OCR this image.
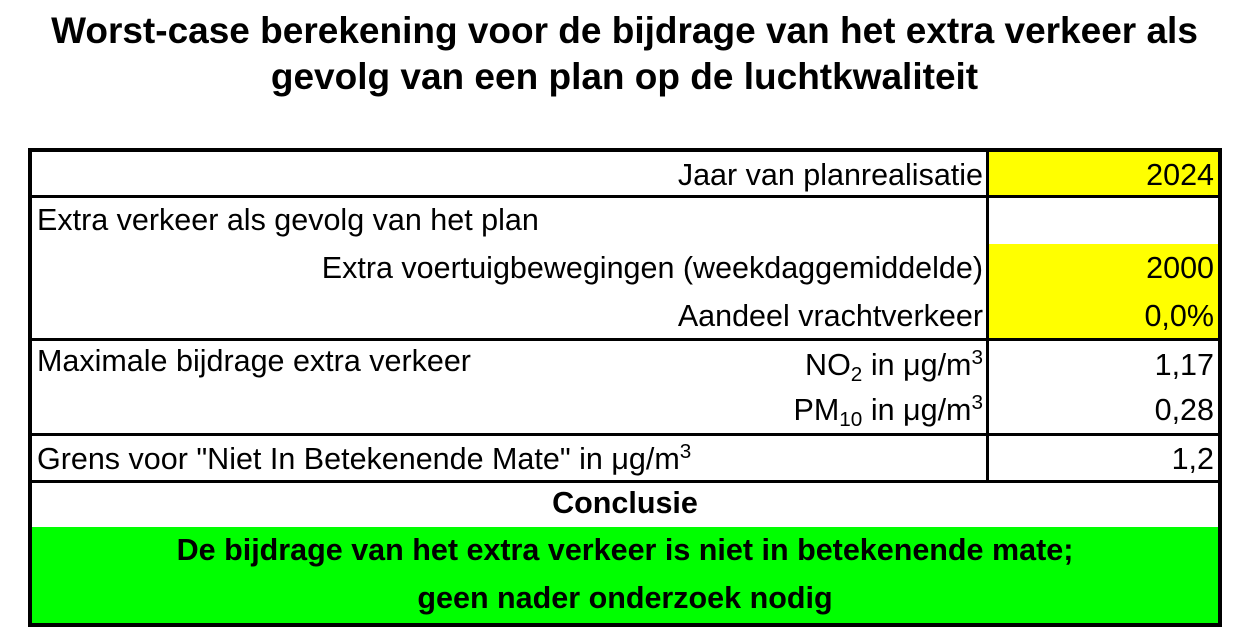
Worst-case berekening voor de bijdrage van het extra verkeer als
gevolg van een plan op de luchtkwaliteit
Jaar van planrealisatie	2024
Extra verkeer als gevolg van het plan
Extra voertuigbewegingen (weekdaggemiddelde)	2000
Aandeel vrachtverkeer	0,0%
Maximale bijdrage extra verkeer	NO2 in $\mu g/m^3$	1,17
PM10 in $\mu g/m^3$	0,28
Grens voor "Niet In Betekenende Mate" in $\mu g/m^3$	1,2
Conclusie
De bijdrage van het extra verkeer is niet in betekenende mate;
geen nader onderzoek nodig
